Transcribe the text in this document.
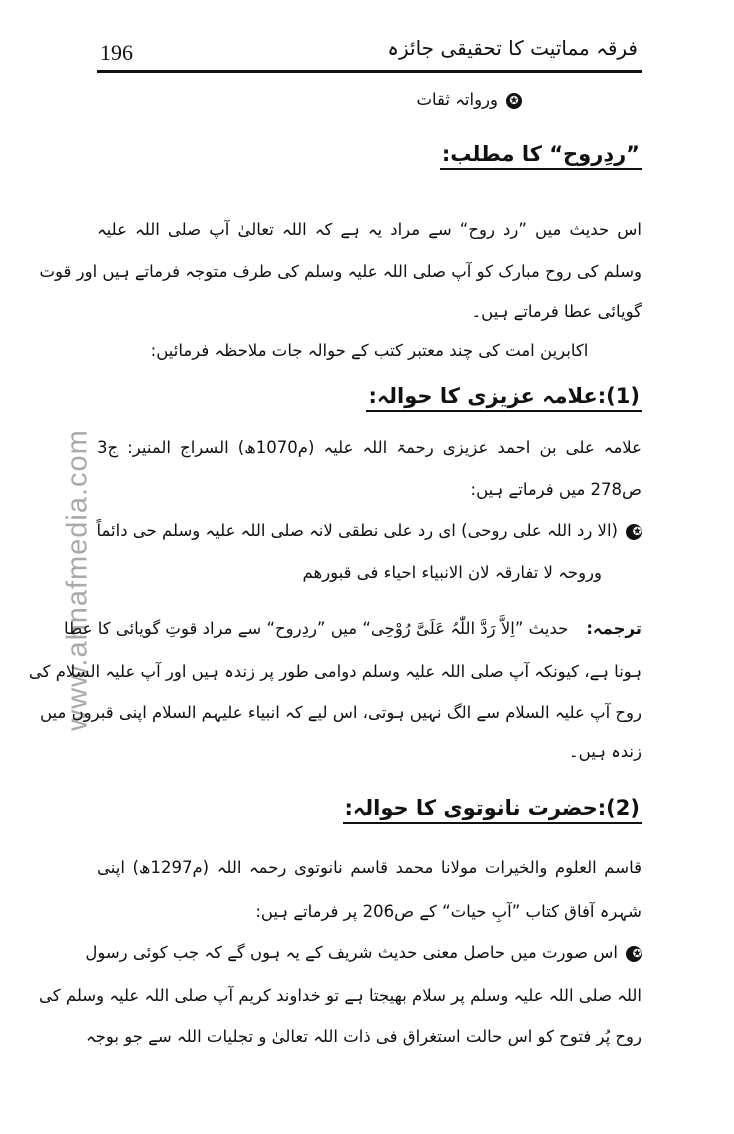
196	فرقہ مماتیت کا تحقیقی جائزہ
www.ahnafmedia.com
✪ورواتہ ثقات
”ردِروح“ کا مطلب:
اس حدیث میں ”رد روح“ سے مراد یہ ہے کہ اللہ تعالیٰ آپ صلی اللہ علیہ
وسلم کی روح مبارک کو آپ صلی اللہ علیہ وسلم کی طرف متوجہ فرماتے ہیں اور قوت
گویائی عطا فرماتے ہیں۔
اکابرین امت کی چند معتبر کتب کے حوالہ جات ملاحظہ فرمائیں:
(1):علامہ عزیزی کا حوالہ:
علامہ علی بن احمد عزیزی رحمۃ اللہ علیہ (م1070ھ) السراج المنیر: ج3
ص278 میں فرماتے ہیں:
✪(الا رد اللہ علی روحی) ای رد علی نطقی لانہ صلی اللہ علیہ وسلم حی دائماً
وروحہ لا تفارقہ لان الانبیاء احیاء فی قبورھم
ترجمہ:حدیث ”اِلاَّ رَدَّ اللّٰہُ عَلَیَّ رُوْحِی“ میں ”ردِروح“ سے مراد قوتِ گویائی کا عطا
ہونا ہے، کیونکہ آپ صلی اللہ علیہ وسلم دوامی طور پر زندہ ہیں اور آپ علیہ السلام کی
روح آپ علیہ السلام سے الگ نہیں ہوتی، اس لیے کہ انبیاء علیہم السلام اپنی قبروں میں
زندہ ہیں۔
(2):حضرت نانوتوی کا حوالہ:
قاسم العلوم والخیرات مولانا محمد قاسم نانوتوی رحمہ اللہ (م1297ھ) اپنی
شہرہ آفاق کتاب ”آبِ حیات“ کے ص206 پر فرماتے ہیں:
✪اس صورت میں حاصل معنی حدیث شریف کے یہ ہوں گے کہ جب کوئی رسول
اللہ صلی اللہ علیہ وسلم پر سلام بھیجتا ہے تو خداوند کریم آپ صلی اللہ علیہ وسلم کی
روح پُر فتوح کو اس حالت استغراق فی ذات اللہ تعالیٰ و تجلیات اللہ سے جو بوجہ
